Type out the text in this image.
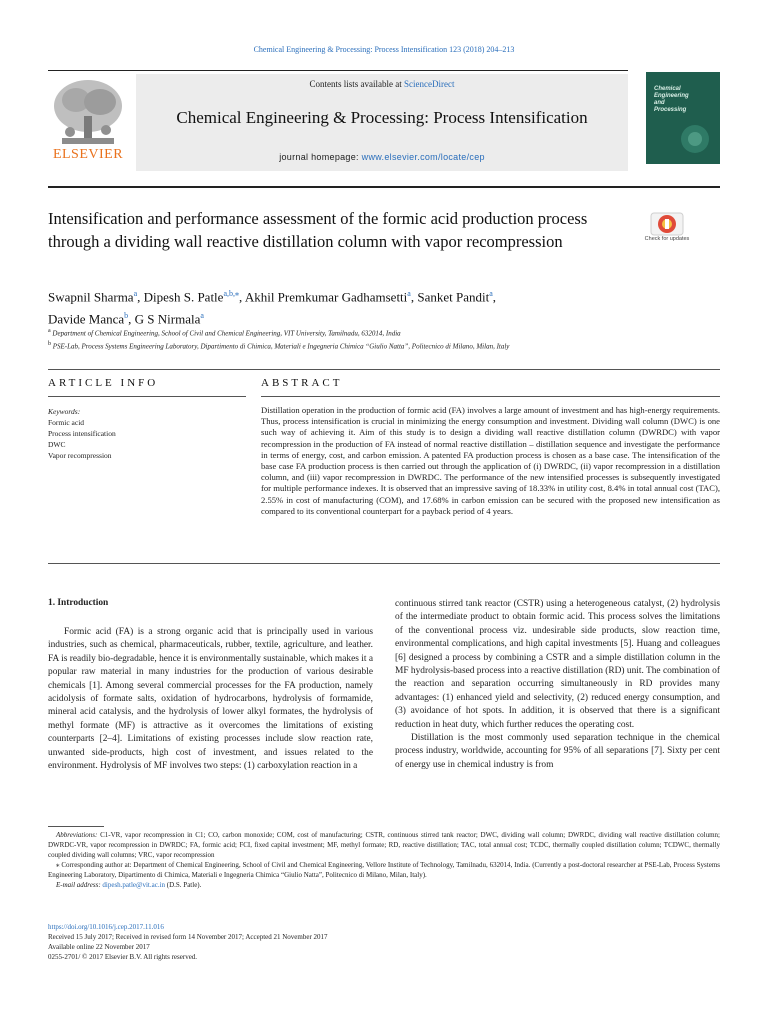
Chemical Engineering & Processing: Process Intensification 123 (2018) 204–213
ELSEVIER
Contents lists available at ScienceDirect
Chemical Engineering & Processing: Process Intensification
journal homepage: www.elsevier.com/locate/cep
Chemical
Engineering
and
Processing
Intensification and performance assessment of the formic acid production process through a dividing wall reactive distillation column with vapor recompression	Check for updates
Swapnil Sharma$^a$, Dipesh S. Patle$^{a,b,⁎}$, Akhil Premkumar Gadhamsetti$^a$, Sanket Pandit$^a$,
Davide Manca$^b$, G S Nirmala$^a$
$^a$ Department of Chemical Engineering, School of Civil and Chemical Engineering, VIT University, Tamilnadu, 632014, India
$^b$ PSE-Lab, Process Systems Engineering Laboratory, Dipartimento di Chimica, Materiali e Ingegneria Chimica “Giulio Natta”, Politecnico di Milano, Milan, Italy
ARTICLE INFO	ABSTRACT
Keywords:
Formic acid
Process intensification
DWC
Vapor recompression
Distillation operation in the production of formic acid (FA) involves a large amount of investment and has high-energy requirements. Thus, process intensification is crucial in minimizing the energy consumption and investment. Dividing wall column (DWC) is one such way of achieving it. Aim of this study is to design a dividing wall reactive distillation column (DWRDC) with vapor recompression in the production of FA instead of normal reactive distillation – distillation sequence and investigate the performance in terms of energy, cost, and carbon emission. A patented FA production process is chosen as a base case. The intensification of the base case FA production process is then carried out through the application of (i) DWRDC, (ii) vapor recompression in a distillation column, and (iii) vapor recompression in DWRDC. The performance of the new intensified processes is subsequently investigated for multiple performance indexes. It is observed that an impressive saving of 18.33% in utility cost, 8.4% in total annual cost (TAC), 2.55% in cost of manufacturing (COM), and 17.68% in carbon emission can be secured with the proposed new intensification as compared to its conventional counterpart for a payback period of 4 years.
1. Introduction

Formic acid (FA) is a strong organic acid that is principally used in various industries, such as chemical, pharmaceuticals, rubber, textile, agriculture, and leather. FA is readily bio-degradable, hence it is environmentally sustainable, which makes it a popular raw material in many industries for the production of various desirable chemicals [1]. Among several commercial processes for the FA production, namely acidolysis of formate salts, oxidation of hydrocarbons, hydrolysis of formamide, mineral acid catalysis, and the hydrolysis of lower alkyl formates, the hydrolysis of methyl formate (MF) is attractive as it overcomes the limitations of existing counterparts [2–4]. Limitations of existing processes include slow reaction rate, unwanted side-products, high cost of investment, and issues related to the environment. Hydrolysis of MF involves two steps: (1) carboxylation reaction in a

continuous stirred tank reactor (CSTR) using a heterogeneous catalyst, (2) hydrolysis of the intermediate product to obtain formic acid. This process solves the limitations of the conventional process viz. undesirable side products, slow reaction time, environmental complications, and high capital investments [5]. Huang and colleagues [6] designed a process by combining a CSTR and a simple distillation column in the MF hydrolysis-based process into a reactive distillation (RD) unit. The combination of the reaction and separation occurring simultaneously in RD provides many advantages: (1) enhanced yield and selectivity, (2) reduced energy consumption, and (3) avoidance of hot spots. In addition, it is observed that there is a significant reduction in heat duty, which further reduces the operating cost.

Distillation is the most commonly used separation technique in the chemical process industry, worldwide, accounting for 95% of all separations [7]. Sixty per cent of energy use in chemical industry is from

Abbreviations: C1-VR, vapor recompression in C1; CO, carbon monoxide; COM, cost of manufacturing; CSTR, continuous stirred tank reactor; DWC, dividing wall column; DWRDC, dividing wall reactive distillation column; DWRDC-VR, vapor recompression in DWRDC; FA, formic acid; FCI, fixed capital investment; MF, methyl formate; RD, reactive distillation; TAC, total annual cost; TCDC, thermally coupled distillation column; TCDWC, thermally coupled dividing wall columns; VRC, vapor recompression

⁎ Corresponding author at: Department of Chemical Engineering, School of Civil and Chemical Engineering, Vellore Institute of Technology, Tamilnadu, 632014, India. (Currently a post-doctoral researcher at PSE-Lab, Process Systems Engineering Laboratory, Dipartimento di Chimica, Materiali e Ingegneria Chimica “Giulio Natta”, Politecnico di Milano, Milan, Italy).

E-mail address: dipesh.patle@vit.ac.in (D.S. Patle).

https://doi.org/10.1016/j.cep.2017.11.016
Received 15 July 2017; Received in revised form 14 November 2017; Accepted 21 November 2017
Available online 22 November 2017
0255-2701/ © 2017 Elsevier B.V. All rights reserved.
